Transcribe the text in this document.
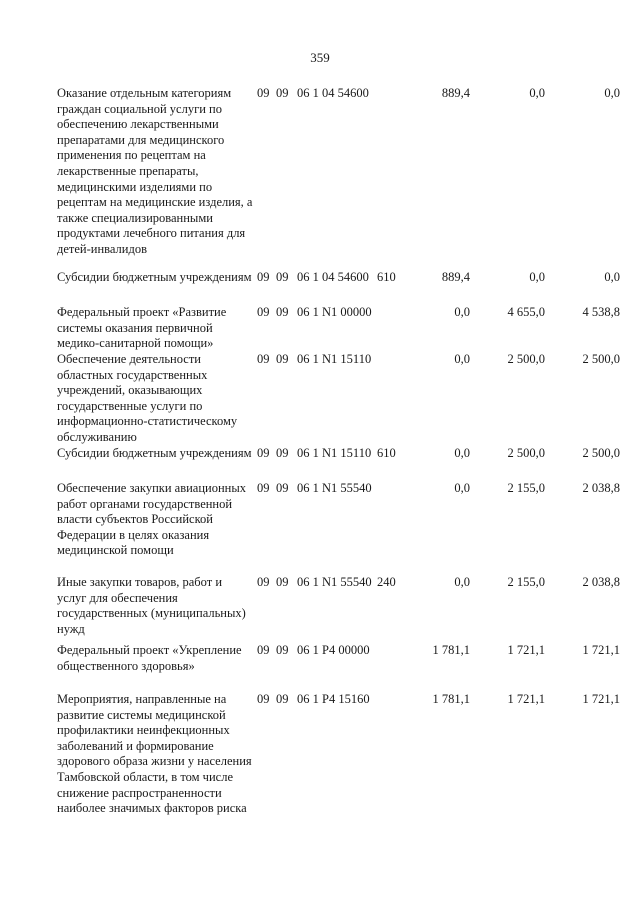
359
Оказание отдельным категориям граждан социальной услуги по обеспечению лекарственными препаратами для медицинского применения по рецептам на лекарственные препараты, медицинскими изделиями по рецептам на медицинские изделия, а также специализированными продуктами лечебного питания для детей-инвалидов
09 09 06 1 04 54600	889,4	0,0	0,0
Субсидии бюджетным учреждениям 09 09 06 1 04 54600 610	889,4	0,0	0,0
Федеральный проект «Развитие системы оказания первичной медико-санитарной помощи»
09 09 06 1 N1 00000	0,0	4 655,0	4 538,8
Обеспечение деятельности областных государственных учреждений, оказывающих государственные услуги по информационно-статистическому обслуживанию
09 09 06 1 N1 15110	0,0	2 500,0	2 500,0
Субсидии бюджетным учреждениям 09 09 06 1 N1 15110 610	0,0	2 500,0	2 500,0
Обеспечение закупки авиационных работ органами государственной власти субъектов Российской Федерации в целях оказания медицинской помощи
09 09 06 1 N1 55540	0,0	2 155,0	2 038,8
Иные закупки товаров, работ и услуг для обеспечения государственных (муниципальных) нужд
09 09 06 1 N1 55540 240	0,0	2 155,0	2 038,8
Федеральный проект «Укрепление общественного здоровья»
09 09 06 1 P4 00000	1 781,1	1 721,1	1 721,1
Мероприятия, направленные на развитие системы медицинской профилактики неинфекционных заболеваний и формирование здорового образа жизни у населения Тамбовской области, в том числе снижение распространенности наиболее значимых факторов риска
09 09 06 1 P4 15160	1 781,1	1 721,1	1 721,1
